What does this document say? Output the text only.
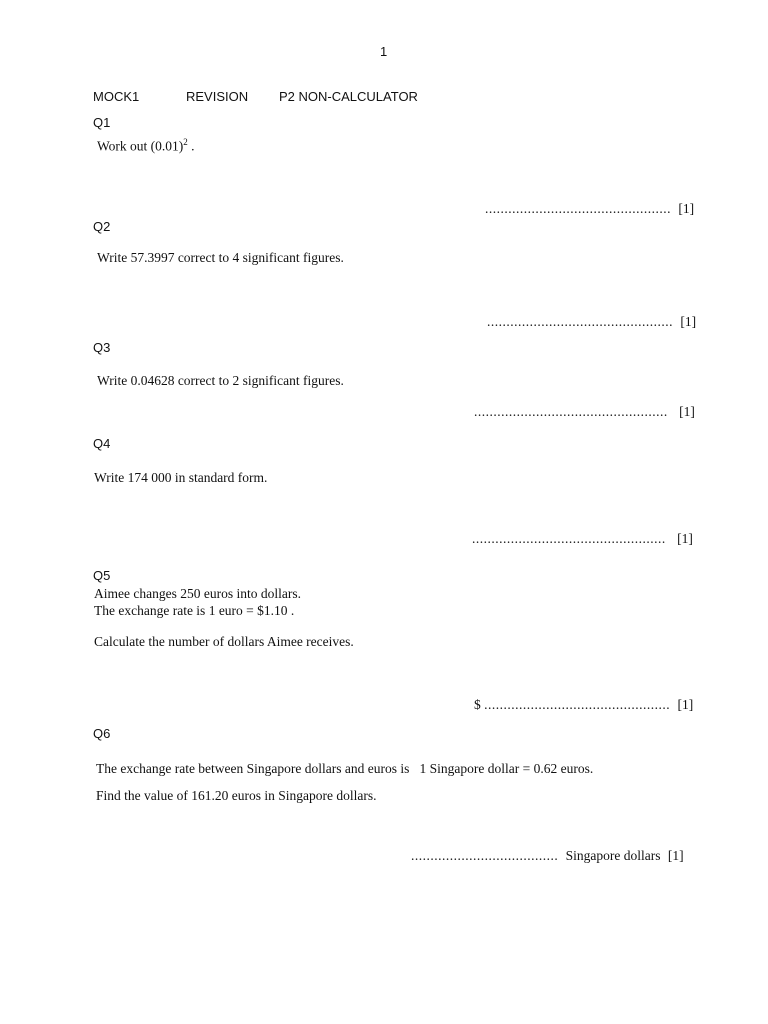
1
MOCK1	REVISION P2 NON-CALCULATOR
Q1
Work out $(0.01)^2$ .
................................................ [1]
Q2
Write 57.3997 correct to 4 significant figures.
................................................ [1]
Q3
Write 0.04628 correct to 2 significant figures.
.................................................. [1]
Q4
Write 174 000 in standard form.
.................................................. [1]
Q5
Aimee changes 250 euros into dollars.
The exchange rate is 1 euro = $1.10 .
Calculate the number of dollars Aimee receives.
$ ................................................ [1]
Q6
The exchange rate between Singapore dollars and euros is   1 Singapore dollar = 0.62 euros.
Find the value of 161.20 euros in Singapore dollars.
...................................... Singapore dollars [1]
